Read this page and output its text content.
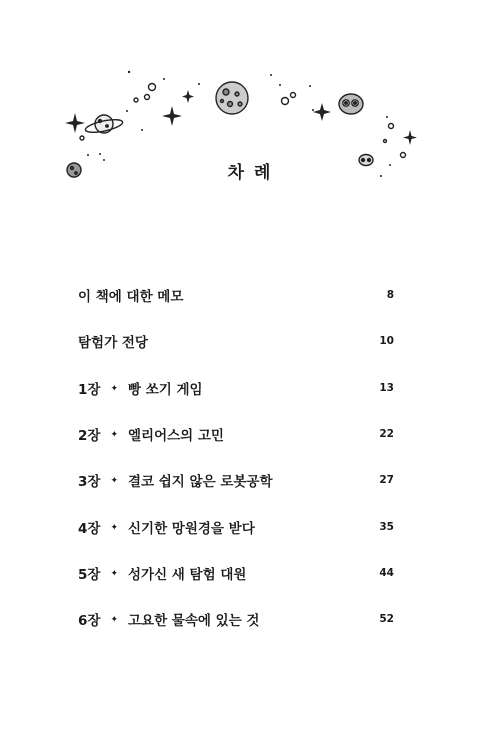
차 례
이 책에 대한 메모	8
탐험가 전당	10
1장 ✦ 빵 쏘기 게임	13
2장 ✦ 엘리어스의 고민	22
3장 ✦ 결코 쉽지 않은 로봇공학	27
4장 ✦ 신기한 망원경을 받다	35
5장 ✦ 성가신 새 탐험 대원	44
6장 ✦ 고요한 물속에 있는 것	52
